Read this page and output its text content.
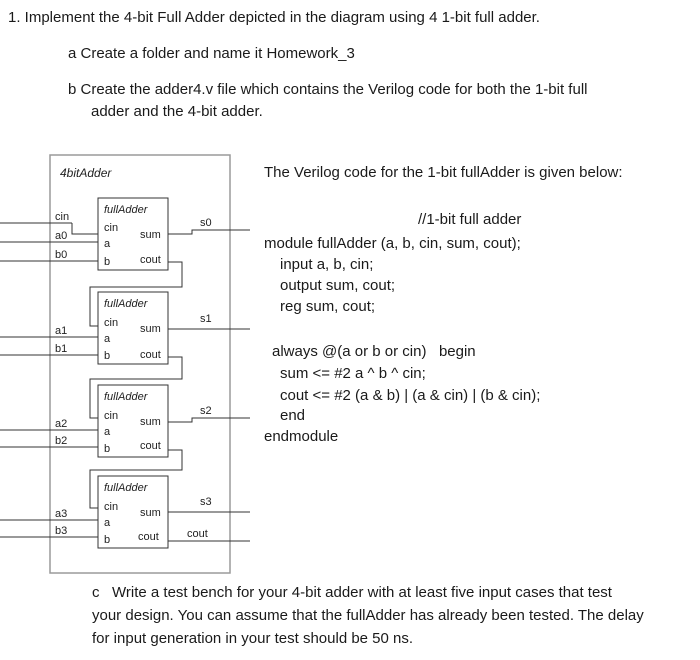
1. Implement the 4-bit Full Adder depicted in the diagram using 4 1-bit full adder.
a Create a folder and name it Homework_3
b Create the adder4.v file which contains the Verilog code for both the 1-bit full
adder and the 4-bit adder.
4bitAdder
fullAdder
cin
sum
a
b	cout
cin
a0
b0
s0
fullAdder
cin sum
a
b	cout
a1
b1
s1
fullAdder
cin sum
a
b	cout
a2
b2
s2
fullAdder
cin sum
a
b	cout
a3
b3
s3
cout
The Verilog code for the 1-bit fullAdder is given below:
//1-bit full adder
module fullAdder (a, b, cin, sum, cout);
input a, b, cin;
output sum, cout;
reg sum, cout;
always @(a or b or cin)   begin
sum <= #2 a ^ b ^ cin;
cout <= #2 (a & b) | (a & cin) | (b & cin);
end
endmodule
c   Write a test bench for your 4-bit adder with at least five input cases that test
your design. You can assume that the fullAdder has already been tested. The delay
for input generation in your test should be 50 ns.
